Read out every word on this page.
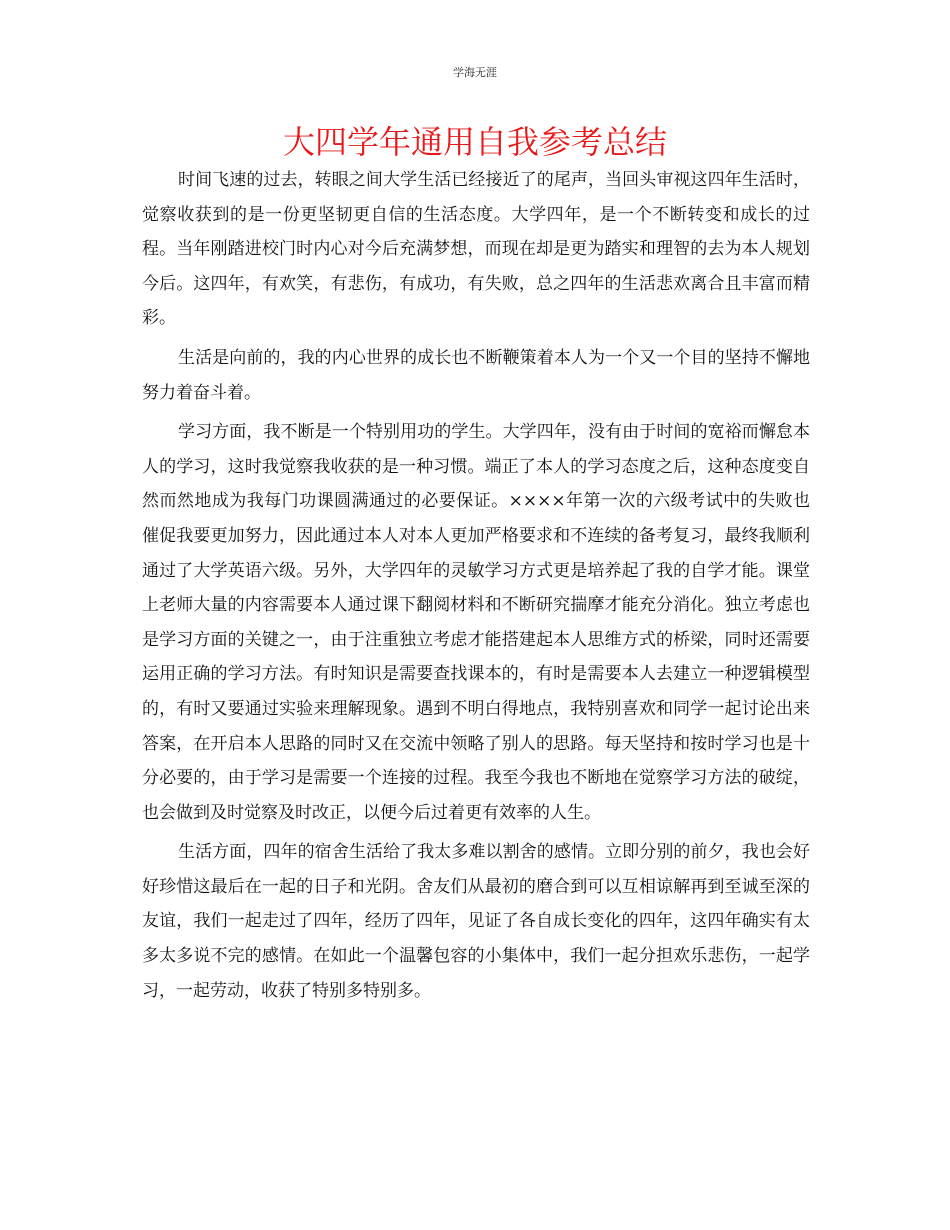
学海无涯
大四学年通用自我参考总结

时间飞速的过去，转眼之间大学生活已经接近了的尾声，当回头审视这四年生活时，觉察收获到的是一份更坚韧更自信的生活态度。大学四年，是一个不断转变和成长的过程。当年刚踏进校门时内心对今后充满梦想，而现在却是更为踏实和理智的去为本人规划今后。这四年，有欢笑，有悲伤，有成功，有失败，总之四年的生活悲欢离合且丰富而精彩。

生活是向前的，我的内心世界的成长也不断鞭策着本人为一个又一个目的坚持不懈地努力着奋斗着。

学习方面，我不断是一个特别用功的学生。大学四年，没有由于时间的宽裕而懈怠本人的学习，这时我觉察我收获的是一种习惯。端正了本人的学习态度之后，这种态度变自然而然地成为我每门功课圆满通过的必要保证。××××年第一次的六级考试中的失败也催促我要更加努力，因此通过本人对本人更加严格要求和不连续的备考复习，最终我顺利通过了大学英语六级。另外，大学四年的灵敏学习方式更是培养起了我的自学才能。课堂上老师大量的内容需要本人通过课下翻阅材料和不断研究揣摩才能充分消化。独立考虑也是学习方面的关键之一，由于注重独立考虑才能搭建起本人思维方式的桥梁，同时还需要运用正确的学习方法。有时知识是需要查找课本的，有时是需要本人去建立一种逻辑模型的，有时又要通过实验来理解现象。遇到不明白得地点，我特别喜欢和同学一起讨论出来答案，在开启本人思路的同时又在交流中领略了别人的思路。每天坚持和按时学习也是十分必要的，由于学习是需要一个连接的过程。我至今我也不断地在觉察学习方法的破绽，也会做到及时觉察及时改正，以便今后过着更有效率的人生。

生活方面，四年的宿舍生活给了我太多难以割舍的感情。立即分别的前夕，我也会好好珍惜这最后在一起的日子和光阴。舍友们从最初的磨合到可以互相谅解再到至诚至深的友谊，我们一起走过了四年，经历了四年，见证了各自成长变化的四年，这四年确实有太多太多说不完的感情。在如此一个温馨包容的小集体中，我们一起分担欢乐悲伤，一起学习，一起劳动，收获了特别多特别多。
